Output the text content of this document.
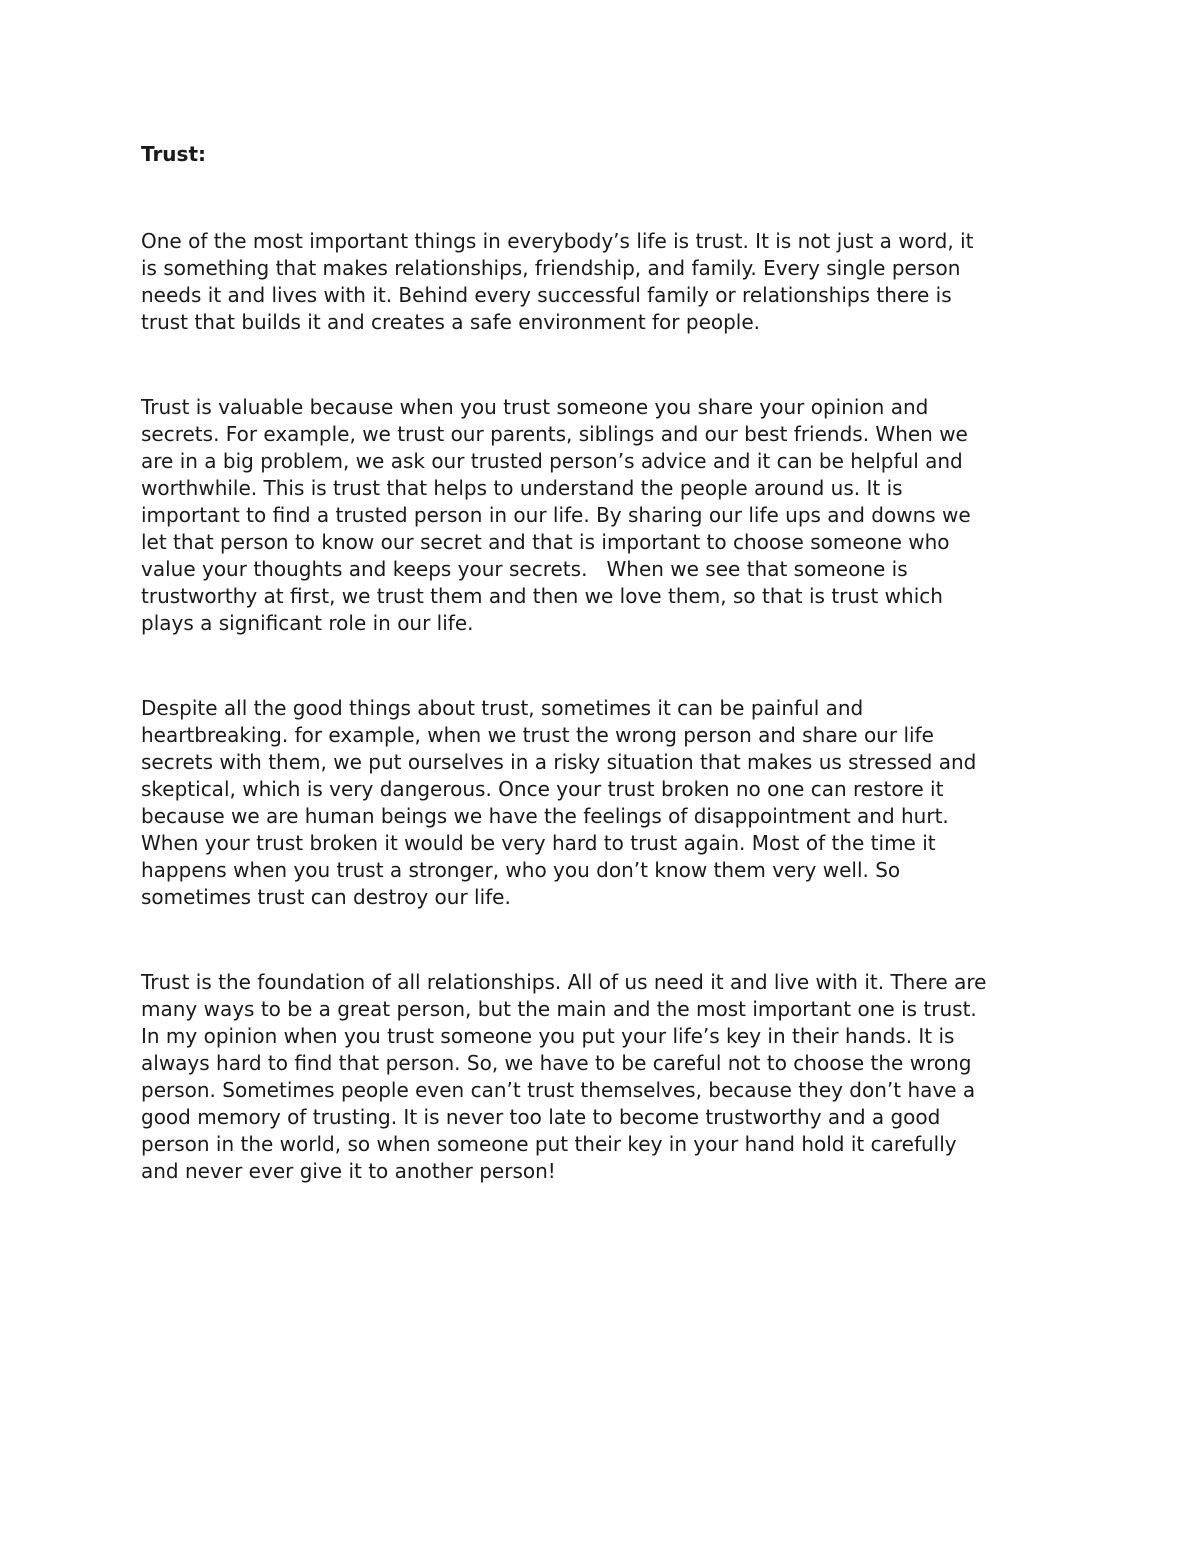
Trust:

One of the most important things in everybody’s life is trust. It is not just a word, it
is something that makes relationships, friendship, and family. Every single person
needs it and lives with it. Behind every successful family or relationships there is
trust that builds it and creates a safe environment for people.

Trust is valuable because when you trust someone you share your opinion and
secrets. For example, we trust our parents, siblings and our best friends. When we
are in a big problem, we ask our trusted person’s advice and it can be helpful and
worthwhile. This is trust that helps to understand the people around us. It is
important to find a trusted person in our life. By sharing our life ups and downs we
let that person to know our secret and that is important to choose someone who
value your thoughts and keeps your secrets.   When we see that someone is
trustworthy at first, we trust them and then we love them, so that is trust which
plays a significant role in our life.

Despite all the good things about trust, sometimes it can be painful and
heartbreaking. for example, when we trust the wrong person and share our life
secrets with them, we put ourselves in a risky situation that makes us stressed and
skeptical, which is very dangerous. Once your trust broken no one can restore it
because we are human beings we have the feelings of disappointment and hurt.
When your trust broken it would be very hard to trust again. Most of the time it
happens when you trust a stronger, who you don’t know them very well. So
sometimes trust can destroy our life.

Trust is the foundation of all relationships. All of us need it and live with it. There are
many ways to be a great person, but the main and the most important one is trust.
In my opinion when you trust someone you put your life’s key in their hands. It is
always hard to find that person. So, we have to be careful not to choose the wrong
person. Sometimes people even can’t trust themselves, because they don’t have a
good memory of trusting. It is never too late to become trustworthy and a good
person in the world, so when someone put their key in your hand hold it carefully
and never ever give it to another person!
